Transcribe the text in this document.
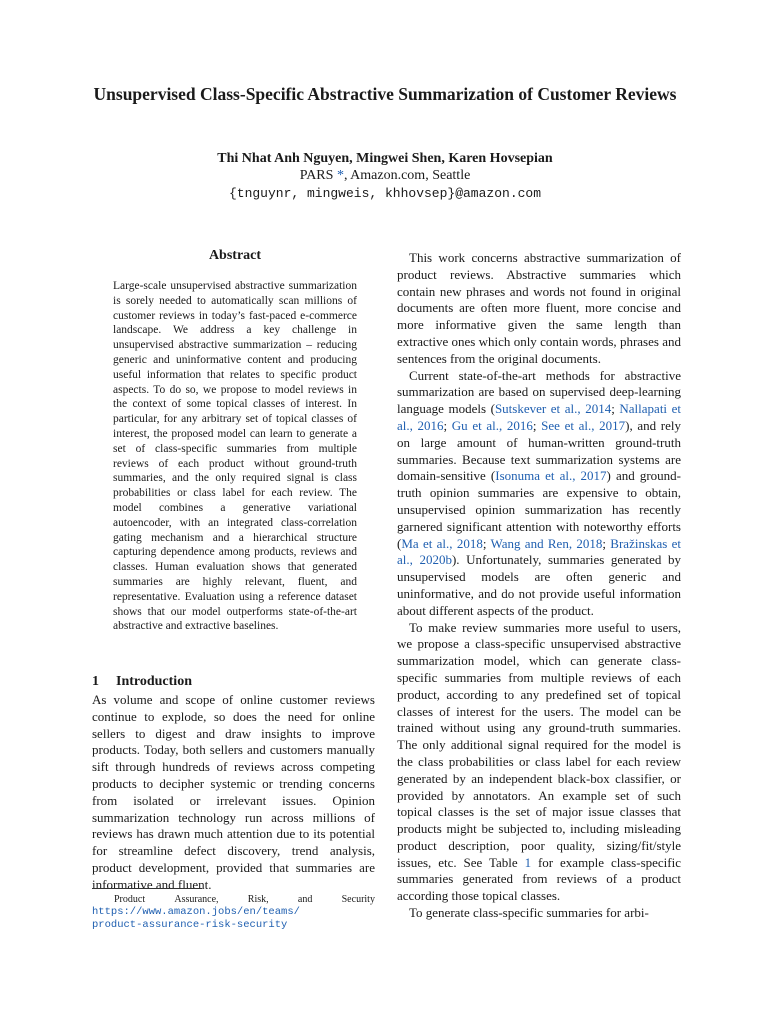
Unsupervised Class-Specific Abstractive Summarization of Customer Reviews
Thi Nhat Anh Nguyen, Mingwei Shen, Karen Hovsepian
PARS *, Amazon.com, Seattle
{tnguynr, mingweis, khhovsep}@amazon.com
Abstract
Large-scale unsupervised abstractive summarization is sorely needed to automatically scan millions of customer reviews in today’s fast-paced e-commerce landscape. We address a key challenge in unsupervised abstractive summarization – reducing generic and uninformative content and producing useful information that relates to specific product aspects. To do so, we propose to model reviews in the context of some topical classes of interest. In particular, for any arbitrary set of topical classes of interest, the proposed model can learn to generate a set of class-specific summaries from multiple reviews of each product without ground-truth summaries, and the only required signal is class probabilities or class label for each review. The model combines a generative variational autoencoder, with an integrated class-correlation gating mechanism and a hierarchical structure capturing dependence among products, reviews and classes. Human evaluation shows that generated summaries are highly relevant, fluent, and representative. Evaluation using a reference dataset shows that our model outperforms state-of-the-art abstractive and extractive baselines.
1 Introduction

As volume and scope of online customer reviews continue to explode, so does the need for online sellers to digest and draw insights to improve products. Today, both sellers and customers manually sift through hundreds of reviews across competing products to decipher systemic or trending concerns from isolated or irrelevant issues. Opinion summarization technology run across millions of reviews has drawn much attention due to its potential for streamline defect discovery, trend analysis, product development, provided that summaries are informative and fluent.

Product	Assurance,	Risk,	and	Security
https://www.amazon.jobs/en/teams/
product-assurance-risk-security

This work concerns abstractive summarization of product reviews. Abstractive summaries which contain new phrases and words not found in original documents are often more fluent, more concise and more informative given the same length than extractive ones which only contain words, phrases and sentences from the original documents.

Current state-of-the-art methods for abstractive summarization are based on supervised deep-learning language models (Sutskever et al., 2014; Nallapati et al., 2016; Gu et al., 2016; See et al., 2017), and rely on large amount of human-written ground-truth summaries. Because text summarization systems are domain-sensitive (Isonuma et al., 2017) and ground-truth opinion summaries are expensive to obtain, unsupervised opinion summarization has recently garnered significant attention with noteworthy efforts (Ma et al., 2018; Wang and Ren, 2018; Bražinskas et al., 2020b). Unfortunately, summaries generated by unsupervised models are often generic and uninformative, and do not provide useful information about different aspects of the product.

To make review summaries more useful to users, we propose a class-specific unsupervised abstractive summarization model, which can generate class-specific summaries from multiple reviews of each product, according to any predefined set of topical classes of interest for the users. The model can be trained without using any ground-truth summaries. The only additional signal required for the model is the class probabilities or class label for each review generated by an independent black-box classifier, or provided by annotators. An example set of such topical classes is the set of major issue classes that products might be subjected to, including misleading product description, poor quality, sizing/fit/style issues, etc. See Table 1 for example class-specific summaries generated from reviews of a product according those topical classes.

To generate class-specific summaries for arbi-
